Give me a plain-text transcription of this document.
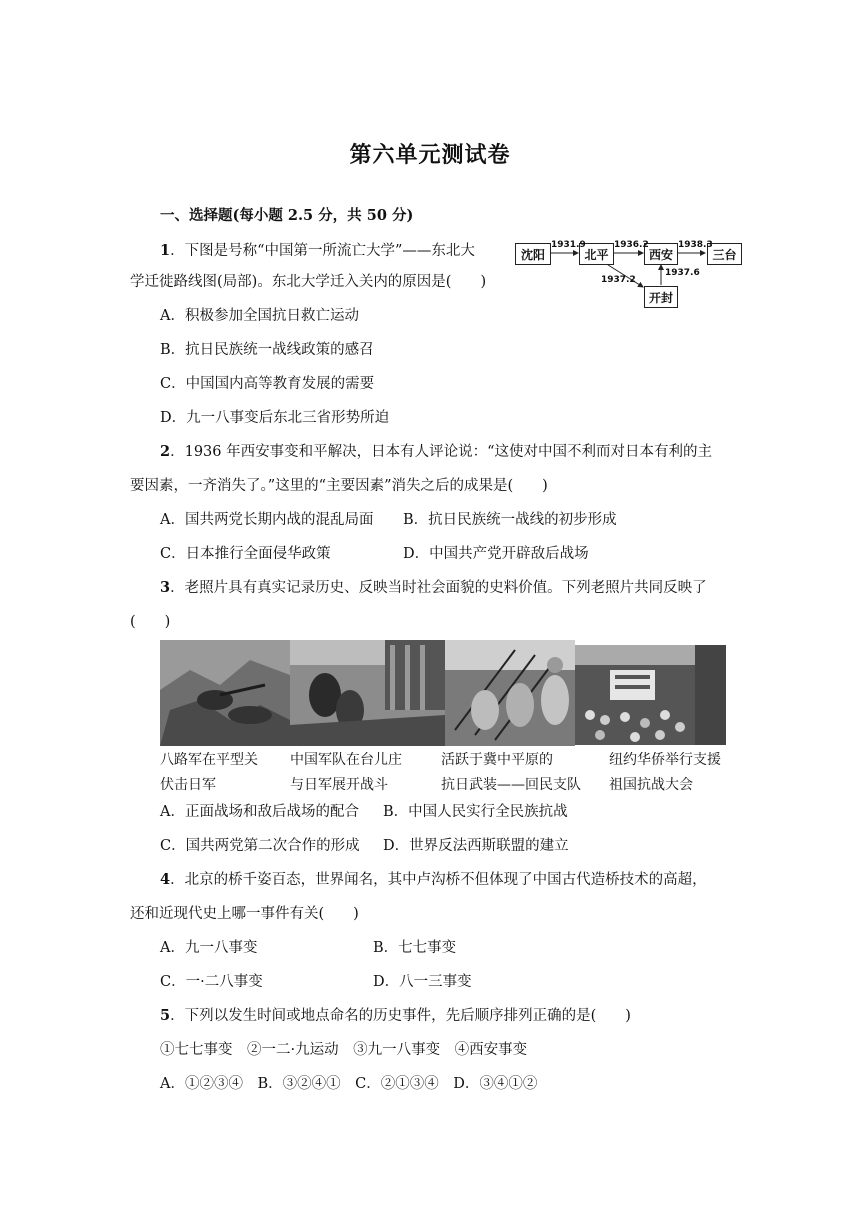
第六单元测试卷
一、选择题(每小题 2.5 分，共 50 分)
1．下图是号称“中国第一所流亡大学”——东北大
学迁徙路线图(局部)。东北大学迁入关内的原因是(　　)
A．积极参加全国抗日救亡运动
B．抗日民族统一战线政策的感召
C．中国国内高等教育发展的需要
D．九一八事变后东北三省形势所迫
沈阳	北平	西安	三台
开封
1931.9	1936.2	1938.3
1937.2
1937.6
2．1936 年西安事变和平解决，日本有人评论说：“这使对中国不利而对日本有利的主
要因素，一齐消失了。”这里的“主要因素”消失之后的成果是(　　)
A．国共两党长期内战的混乱局面 B．抗日民族统一战线的初步形成
C．日本推行全面侵华政策	D．中国共产党开辟敌后战场
3．老照片具有真实记录历史、反映当时社会面貌的史料价值。下列老照片共同反映了
(　　)
八路军在平型关
伏击日军
中国军队在台儿庄
与日军展开战斗
活跃于冀中平原的
抗日武装——回民支队
纽约华侨举行支援
祖国抗战大会
A．正面战场和敌后战场的配合 B．中国人民实行全民族抗战
C．国共两党第二次合作的形成 D．世界反法西斯联盟的建立
4．北京的桥千姿百态，世界闻名，其中卢沟桥不但体现了中国古代造桥技术的高超，
还和近现代史上哪一事件有关(　　)
A．九一八事变	B．七七事变
C．一·二八事变	D．八一三事变
5．下列以发生时间或地点命名的历史事件，先后顺序排列正确的是(　　)
①七七事变　②一二·九运动　③九一八事变　④西安事变
A．①②③④　B．③②④①　C．②①③④　D．③④①②
